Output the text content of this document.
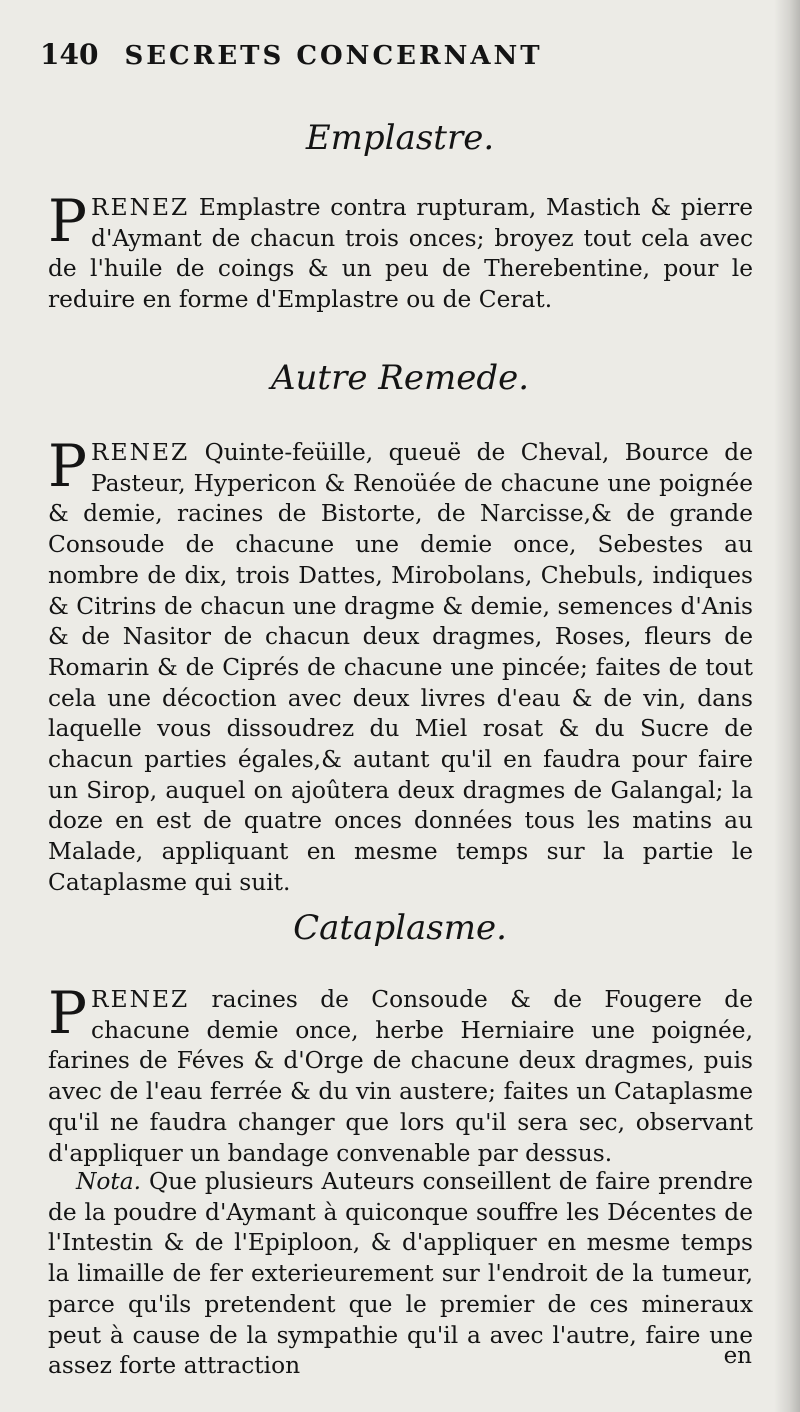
140 SECRETS CONCERNANT
Emplastre.

PRENEZ Emplastre contra rupturam, Mastich & pierre d'Aymant de chacun trois onces; broyez tout cela avec de l'huile de coings & un peu de Therebentine, pour le reduire en forme d'Emplastre ou de Cerat.

Autre Remede.

PRENEZ Quinte-feüille, queuë de Cheval, Bource de Pasteur, Hypericon & Renoüée de chacune une poignée & demie, racines de Bistorte, de Narcisse,& de grande Consoude de chacune une demie once, Sebestes au nombre de dix, trois Dattes, Mirobolans, Chebuls, indiques & Citrins de chacun une dragme & demie, semences d'Anis & de Nasitor de chacun deux dragmes, Roses, fleurs de Romarin & de Ciprés de chacune une pincée; faites de tout cela une décoction avec deux livres d'eau & de vin, dans laquelle vous dissoudrez du Miel rosat & du Sucre de chacun parties égales,& autant qu'il en faudra pour faire un Sirop, auquel on ajoûtera deux dragmes de Galangal; la doze en est de quatre onces données tous les matins au Malade, appliquant en mesme temps sur la partie le Cataplasme qui suit.

Cataplasme.

PRENEZ racines de Consoude & de Fougere de chacune demie once, herbe Herniaire une poignée, farines de Féves & d'Orge de chacune deux dragmes, puis avec de l'eau ferrée & du vin austere; faites un Cataplasme qu'il ne faudra changer que lors qu'il sera sec, observant d'appliquer un bandage convenable par dessus.

Nota. Que plusieurs Auteurs conseillent de faire prendre de la poudre d'Aymant à quiconque souffre les Décentes de l'Intestin & de l'Epiploon, & d'appliquer en mesme temps la limaille de fer exterieurement sur l'endroit de la tumeur, parce qu'ils pretendent que le premier de ces mineraux peut à cause de la sympathie qu'il a avec l'autre, faire une assez forte attraction	en
